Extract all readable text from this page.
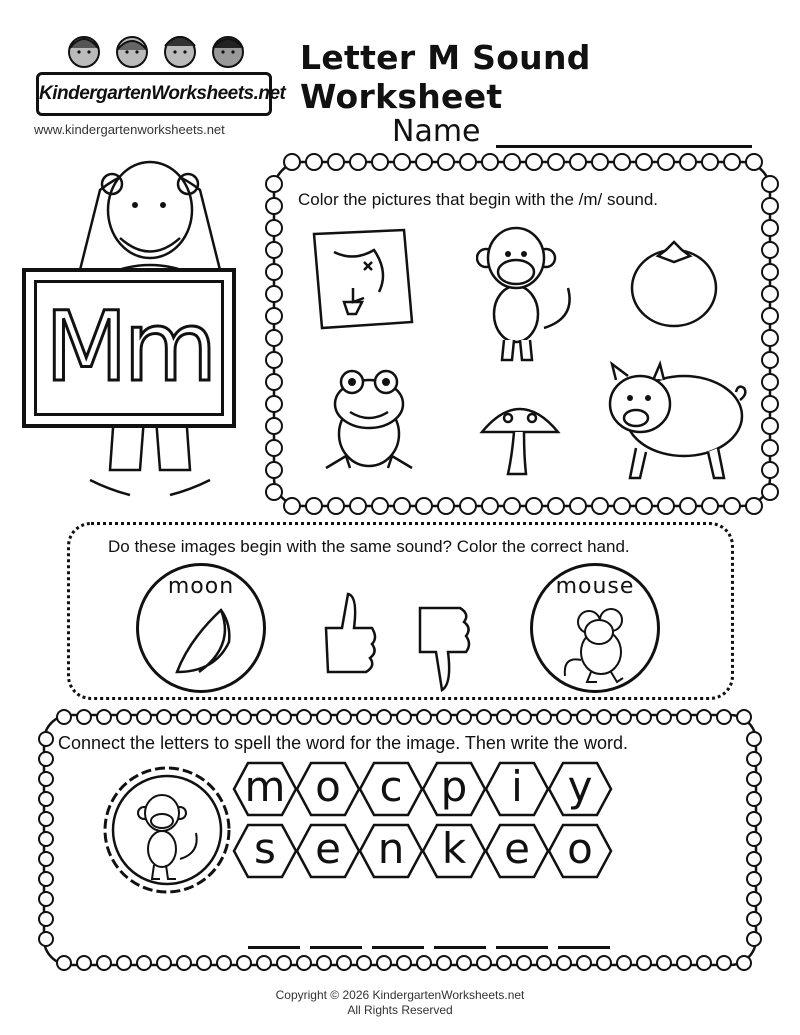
KindergartenWorksheets.net
www.kindergartenworksheets.net
Letter M Sound Worksheet
Name
Mm
Color the pictures that begin with the /m/ sound.
Do these images begin with the same sound? Color the correct hand.
moon	mouse
Connect the letters to spell the word for the image. Then write the word.
m o c p	i	y
s e n k e o
Copyright © 2026 KindergartenWorksheets.net
All Rights Reserved
